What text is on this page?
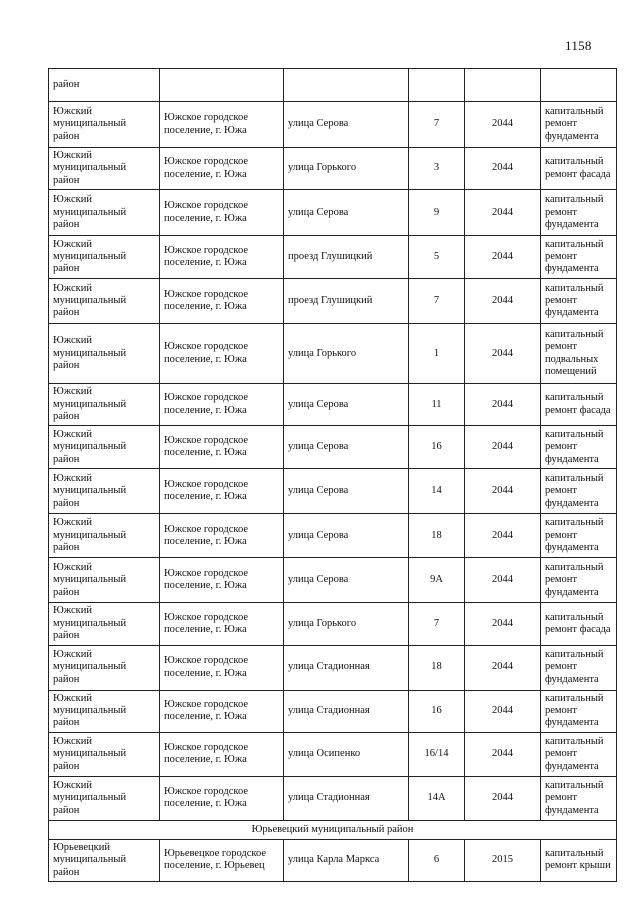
1158
район					
Южский муниципальный район	Южское городское поселение, г. Южа	улица Серова	7	2044	капитальный ремонт фундамента
Южский муниципальный район	Южское городское поселение, г. Южа	улица Горького	3	2044	капитальный ремонт фасада
Южский муниципальный район	Южское городское поселение, г. Южа	улица Серова	9	2044	капитальный ремонт фундамента
Южский муниципальный район	Южское городское поселение, г. Южа	проезд Глушицкий	5	2044	капитальный ремонт фундамента
Южский муниципальный район	Южское городское поселение, г. Южа	проезд Глушицкий	7	2044	капитальный ремонт фундамента
Южский муниципальный район	Южское городское поселение, г. Южа	улица Горького	1	2044	капитальный ремонт подвальных помещений
Южский муниципальный район	Южское городское поселение, г. Южа	улица Серова	11	2044	капитальный ремонт фасада
Южский муниципальный район	Южское городское поселение, г. Южа	улица Серова	16	2044	капитальный ремонт фундамента
Южский муниципальный район	Южское городское поселение, г. Южа	улица Серова	14	2044	капитальный ремонт фундамента
Южский муниципальный район	Южское городское поселение, г. Южа	улица Серова	18	2044	капитальный ремонт фундамента
Южский муниципальный район	Южское городское поселение, г. Южа	улица Серова	9А	2044	капитальный ремонт фундамента
Южский муниципальный район	Южское городское поселение, г. Южа	улица Горького	7	2044	капитальный ремонт фасада
Южский муниципальный район	Южское городское поселение, г. Южа	улица Стадионная	18	2044	капитальный ремонт фундамента
Южский муниципальный район	Южское городское поселение, г. Южа	улица Стадионная	16	2044	капитальный ремонт фундамента
Южский муниципальный район	Южское городское поселение, г. Южа	улица Осипенко	16/14	2044	капитальный ремонт фундамента
Южский муниципальный район	Южское городское поселение, г. Южа	улица Стадионная	14А	2044	капитальный ремонт фундамента
Юрьевецкий муниципальный район					
Юрьевецкий муниципальный район	Юрьевецкое городское поселение, г. Юрьевец	улица Карла Маркса	6	2015	капитальный ремонт крыши
